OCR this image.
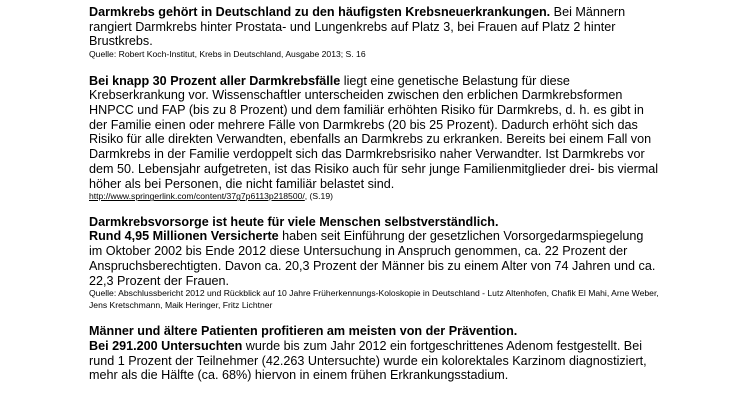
Darmkrebs gehört in Deutschland zu den häufigsten Krebsneuerkrankungen. Bei Männern rangiert Darmkrebs hinter Prostata- und Lungenkrebs auf Platz 3, bei Frauen auf Platz 2 hinter Brustkrebs.

Quelle: Robert Koch-Institut, Krebs in Deutschland, Ausgabe 2013; S. 16

Bei knapp 30 Prozent aller Darmkrebsfälle liegt eine genetische Belastung für diese Krebserkrankung vor. Wissenschaftler unterscheiden zwischen den erblichen Darmkrebsformen HNPCC und FAP (bis zu 8 Prozent) und dem familiär erhöhten Risiko für Darmkrebs, d. h. es gibt in der Familie einen oder mehrere Fälle von Darmkrebs (20 bis 25 Prozent). Dadurch erhöht sich das Risiko für alle direkten Verwandten, ebenfalls an Darmkrebs zu erkranken. Bereits bei einem Fall von Darmkrebs in der Familie verdoppelt sich das Darmkrebsrisiko naher Verwandter. Ist Darmkrebs vor dem 50. Lebensjahr aufgetreten, ist das Risiko auch für sehr junge Familienmitglieder drei- bis viermal höher als bei Personen, die nicht familiär belastet sind.

http://www.springerlink.com/content/37g7p6113p218500/, (S.19)

Darmkrebsvorsorge ist heute für viele Menschen selbstverständlich.

Rund 4,95 Millionen Versicherte haben seit Einführung der gesetzlichen Vorsorgedarmspiegelung im Oktober 2002 bis Ende 2012 diese Untersuchung in Anspruch genommen, ca. 22 Prozent der Anspruchsberechtigten. Davon ca. 20,3 Prozent der Männer bis zu einem Alter von 74 Jahren und ca. 22,3 Prozent der Frauen.

Quelle: Abschlussbericht 2012 und Rückblick auf 10 Jahre Früherkennungs-Koloskopie in Deutschland - Lutz Altenhofen, Chafik El Mahi, Arne Weber, Jens Kretschmann, Maik Heringer, Fritz Lichtner

Männer und ältere Patienten profitieren am meisten von der Prävention.

Bei 291.200 Untersuchten wurde bis zum Jahr 2012 ein fortgeschrittenes Adenom festgestellt. Bei rund 1 Prozent der Teilnehmer (42.263 Untersuchte) wurde ein kolorektales Karzinom diagnostiziert, mehr als die Hälfte (ca. 68%) hiervon in einem frühen Erkrankungsstadium.
